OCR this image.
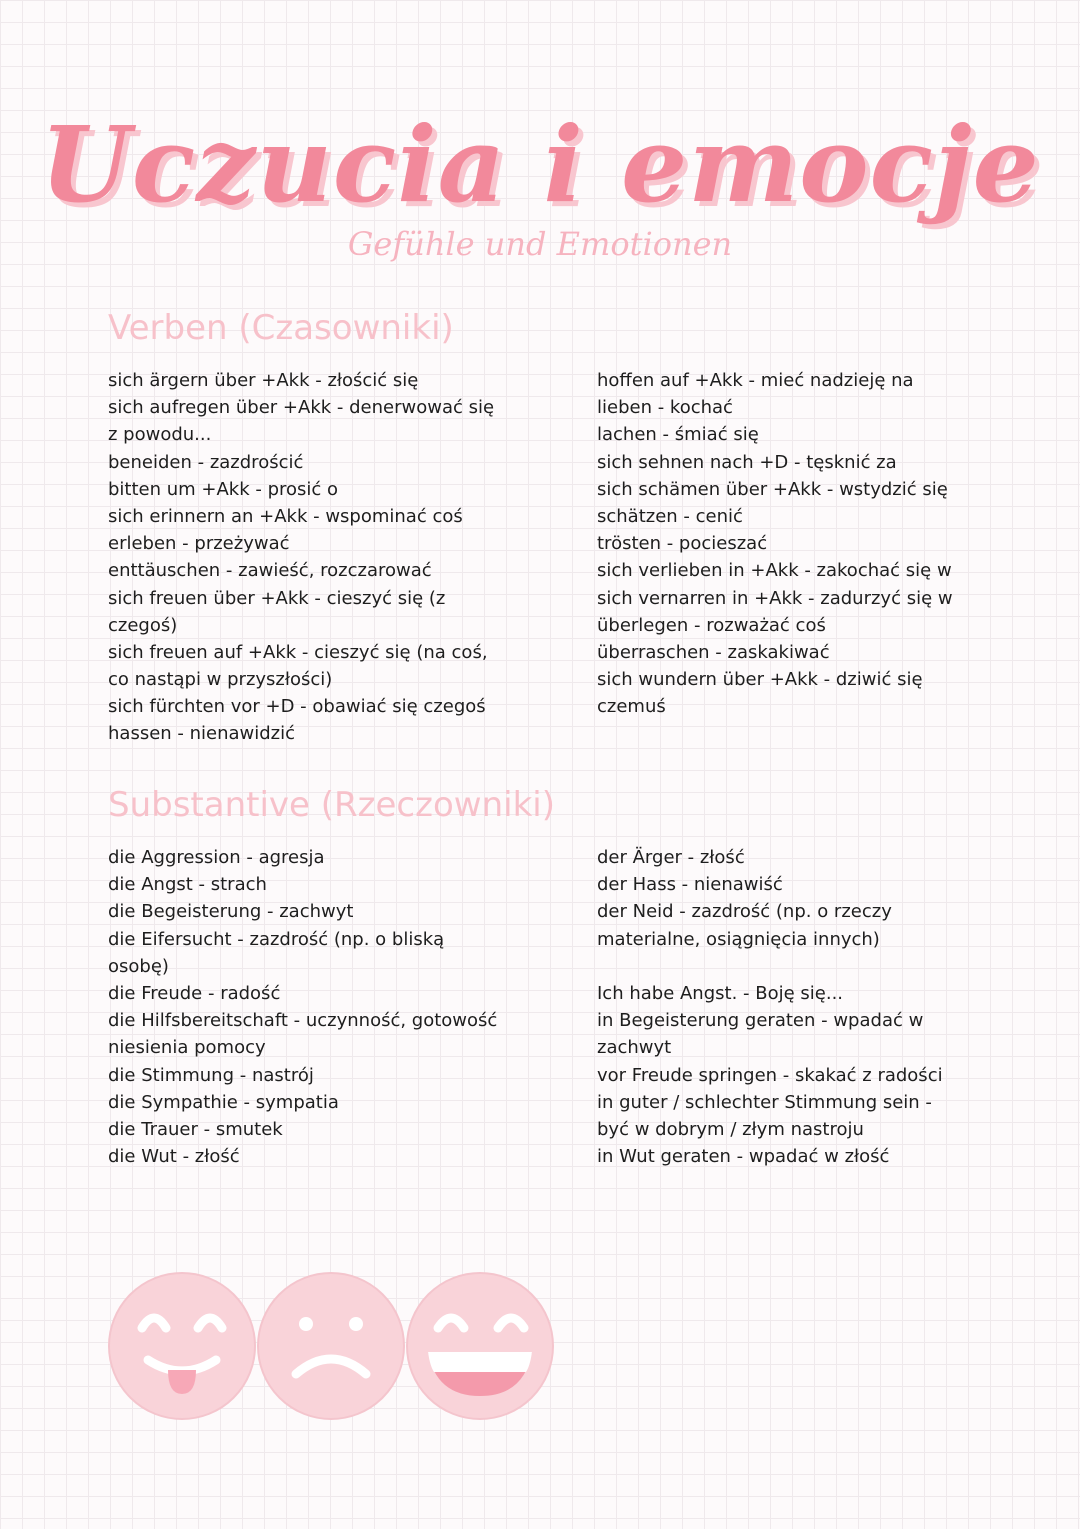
Uczucia i emocje
Gefühle und Emotionen
Verben (Czasowniki)
sich ärgern über +Akk - złościć się
sich aufregen über +Akk - denerwować się
z powodu...
beneiden - zazdrościć
bitten um +Akk - prosić o
sich erinnern an +Akk - wspominać coś
erleben - przeżywać
enttäuschen - zawieść, rozczarować
sich freuen über +Akk - cieszyć się (z
czegoś)
sich freuen auf +Akk - cieszyć się (na coś,
co nastąpi w przyszłości)
sich fürchten vor +D - obawiać się czegoś
hassen - nienawidzić
hoffen auf +Akk - mieć nadzieję na
lieben - kochać
lachen - śmiać się
sich sehnen nach +D - tęsknić za
sich schämen über +Akk - wstydzić się
schätzen - cenić
trösten - pocieszać
sich verlieben in +Akk - zakochać się w
sich vernarren in +Akk - zadurzyć się w
überlegen - rozważać coś
überraschen - zaskakiwać
sich wundern über +Akk - dziwić się
czemuś
Substantive (Rzeczowniki)
die Aggression - agresja
die Angst - strach
die Begeisterung - zachwyt
die Eifersucht - zazdrość (np. o bliską
osobę)
die Freude - radość
die Hilfsbereitschaft - uczynność, gotowość
niesienia pomocy
die Stimmung - nastrój
die Sympathie - sympatia
die Trauer - smutek
die Wut - złość
der Ärger - złość
der Hass - nienawiść
der Neid - zazdrość (np. o rzeczy
materialne, osiągnięcia innych)
Ich habe Angst. - Boję się...
in Begeisterung geraten - wpadać w
zachwyt
vor Freude springen - skakać z radości
in guter / schlechter Stimmung sein -
być w dobrym / złym nastroju
in Wut geraten - wpadać w złość
